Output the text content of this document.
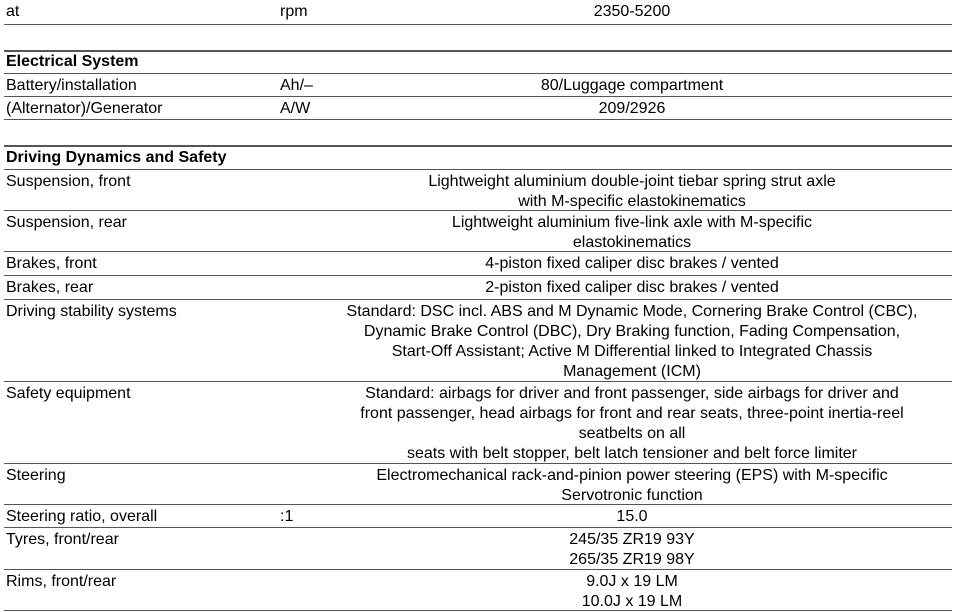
at	rpm	2350-5200
Electrical System
Battery/installation	Ah/–	80/Luggage compartment
(Alternator)/Generator	A/W	209/2926
Driving Dynamics and Safety
Suspension, front	Lightweight aluminium double-joint tiebar spring strut axle
with M-specific elastokinematics
Suspension, rear	Lightweight aluminium five-link axle with M-specific
elastokinematics
Brakes, front	4-piston fixed caliper disc brakes / vented
Brakes, rear	2-piston fixed caliper disc brakes / vented
Driving stability systems	Standard: DSC incl. ABS and M Dynamic Mode, Cornering Brake Control (CBC),
Dynamic Brake Control (DBC), Dry Braking function, Fading Compensation,
Start-Off Assistant; Active M Differential linked to Integrated Chassis
Management (ICM)
Safety equipment	Standard: airbags for driver and front passenger, side airbags for driver and
front passenger, head airbags for front and rear seats, three-point inertia-reel
seatbelts on all
seats with belt stopper, belt latch tensioner and belt force limiter
Steering	Electromechanical rack-and-pinion power steering (EPS) with M-specific
Servotronic function
Steering ratio, overall	:1	15.0
Tyres, front/rear	245/35 ZR19 93Y
265/35 ZR19 98Y
Rims, front/rear	9.0J x 19 LM
10.0J x 19 LM
